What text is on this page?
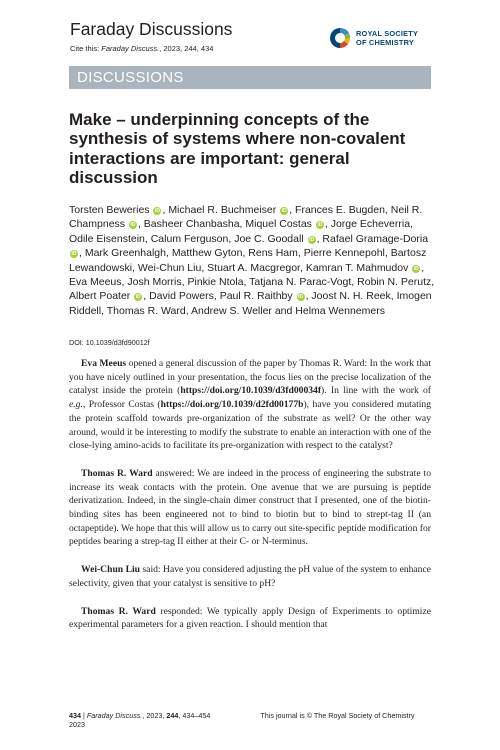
Faraday Discussions
Cite this: Faraday Discuss., 2023, 244, 434
ROYAL SOCIETY
OF CHEMISTRY
DISCUSSIONS
Make – underpinning concepts of the synthesis of systems where non-covalent interactions are important: general discussion
Torsten Beweries iD , Michael R. Buchmeiser iD , Frances E. Bugden, Neil R. Champness iD , Basheer Chanbasha, Miquel Costas iD , Jorge Echeverria, Odile Eisenstein, Calum Ferguson, Joe C. Goodall iD , Rafael Gramage-Doria iD , Mark Greenhalgh, Matthew Gyton, Rens Ham, Pierre Kennepohl, Bartosz Lewandowski, Wei-Chun Liu, Stuart A. Macgregor, Kamran T. Mahmudov iD , Eva Meeus, Josh Morris, Pinkie Ntola, Tatjana N. Parac-Vogt, Robin N. Perutz, Albert Poater iD , David Powers, Paul R. Raithby iD , Joost N. H. Reek, Imogen Riddell, Thomas R. Ward, Andrew S. Weller and Helma Wennemers
DOI: 10.1039/d3fd90012f

Eva Meeus opened a general discussion of the paper by Thomas R. Ward: In the work that you have nicely outlined in your presentation, the focus lies on the precise localization of the catalyst inside the protein (https://doi.org/10.1039/d3fd00034f). In line with the work of e.g., Professor Costas (https://doi.org/10.1039/d2fd00177b), have you considered mutating the protein scaffold towards pre-organization of the substrate as well? Or the other way around, would it be interesting to modify the substrate to enable an interaction with one of the close-lying amino-acids to facilitate its pre-organization with respect to the catalyst?

Thomas R. Ward answered: We are indeed in the process of engineering the substrate to increase its weak contacts with the protein. One avenue that we are pursuing is peptide derivatization. Indeed, in the single-chain dimer construct that I presented, one of the biotin-binding sites has been engineered not to bind to biotin but to bind to strept-tag II (an octapeptide). We hope that this will allow us to carry out site-specific peptide modification for peptides bearing a strep-tag II either at their C- or N-terminus.

Wei-Chun Liu said: Have you considered adjusting the pH value of the system to enhance selectivity, given that your catalyst is sensitive to pH?

Thomas R. Ward responded: We typically apply Design of Experiments to optimize experimental parameters for a given reaction. I should mention that

434 | Faraday Discuss., 2023, 244, 434–454	This journal is © The Royal Society of Chemistry 2023
